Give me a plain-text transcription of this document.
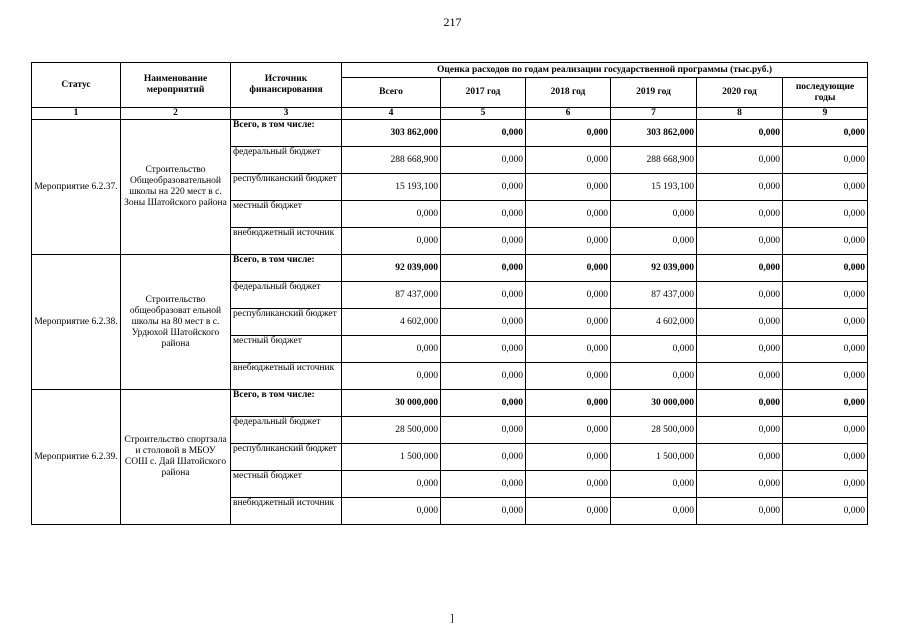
217
Статус	Наименование мероприятий	Источник финансирования	Оценка расходов по годам реализации государственной программы (тыс.руб.)					
			Всего	2017 год	2018 год	2019 год	2020 год	последующие годы
1	2	3	4	5	6	7	8	9
Мероприятие 6.2.37.	Строительство Общеобразовательной школы на 220 мест в с. Зоны Шатойского района	Всего, в том числе:	303 862,000	0,000	0,000	303 862,000	0,000	0,000
		федеральный бюджет	288 668,900	0,000	0,000	288 668,900	0,000	0,000
		республиканский бюджет	15 193,100	0,000	0,000	15 193,100	0,000	0,000
		местный бюджет	0,000	0,000	0,000	0,000	0,000	0,000
		внебюджетный источник	0,000	0,000	0,000	0,000	0,000	0,000
Мероприятие 6.2.38.	Строительство общеобразоват ельной школы на 80 мест в с. Урдюхой Шатойского района	Всего, в том числе:	92 039,000	0,000	0,000	92 039,000	0,000	0,000
		федеральный бюджет	87 437,000	0,000	0,000	87 437,000	0,000	0,000
		республиканский бюджет	4 602,000	0,000	0,000	4 602,000	0,000	0,000
		местный бюджет	0,000	0,000	0,000	0,000	0,000	0,000
		внебюджетный источник	0,000	0,000	0,000	0,000	0,000	0,000
Мероприятие 6.2.39.	Строительство спортзала и столовой в МБОУ СОШ с. Дай Шатойского района	Всего, в том числе:	30 000,000	0,000	0,000	30 000,000	0,000	0,000
		федеральный бюджет	28 500,000	0,000	0,000	28 500,000	0,000	0,000
		республиканский бюджет	1 500,000	0,000	0,000	1 500,000	0,000	0,000
		местный бюджет	0,000	0,000	0,000	0,000	0,000	0,000
		внебюджетный источник	0,000	0,000	0,000	0,000	0,000	0,000
]
